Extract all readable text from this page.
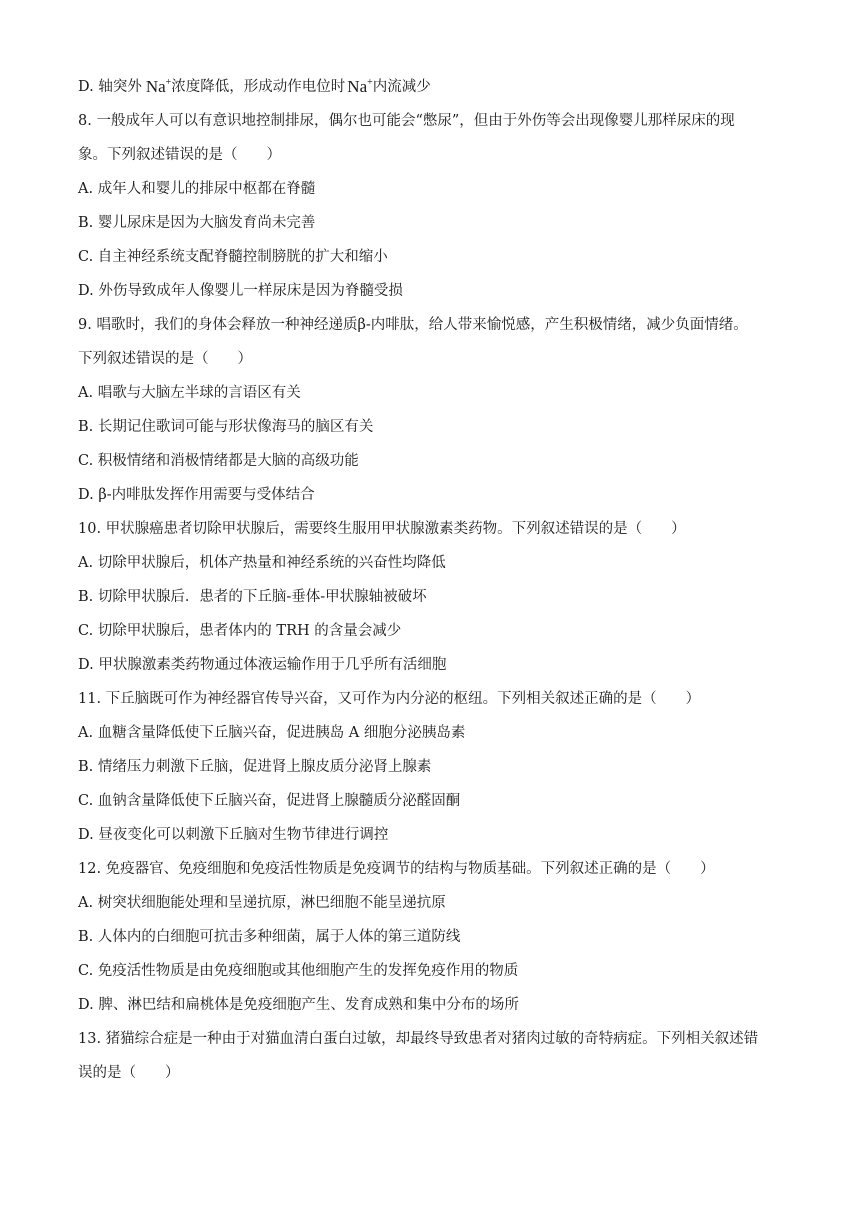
D. 轴突外 Na+ 浓度降低，形成动作电位时 Na+ 内流减少

8. 一般成年人可以有意识地控制排尿，偶尔也可能会“憋尿”，但由于外伤等会出现像婴儿那样尿床的现

象。下列叙述错误的是（　　）

A. 成年人和婴儿的排尿中枢都在脊髓

B. 婴儿尿床是因为大脑发育尚未完善

C. 自主神经系统支配脊髓控制膀胱的扩大和缩小

D. 外伤导致成年人像婴儿一样尿床是因为脊髓受损

9. 唱歌时，我们的身体会释放一种神经递质β-内啡肽，给人带来愉悦感，产生积极情绪，减少负面情绪。

下列叙述错误的是（　　）

A. 唱歌与大脑左半球的言语区有关

B. 长期记住歌词可能与形状像海马的脑区有关

C. 积极情绪和消极情绪都是大脑的高级功能

D. β-内啡肽发挥作用需要与受体结合

10. 甲状腺癌患者切除甲状腺后，需要终生服用甲状腺激素类药物。下列叙述错误的是（　　）

A. 切除甲状腺后，机体产热量和神经系统的兴奋性均降低

B. 切除甲状腺后．患者的下丘脑-垂体-甲状腺轴被破坏

C. 切除甲状腺后，患者体内的 TRH 的含量会减少

D. 甲状腺激素类药物通过体液运输作用于几乎所有活细胞

11. 下丘脑既可作为神经器官传导兴奋，又可作为内分泌的枢纽。下列相关叙述正确的是（　　）

A. 血糖含量降低使下丘脑兴奋，促进胰岛 A 细胞分泌胰岛素

B. 情绪压力刺激下丘脑，促进肾上腺皮质分泌肾上腺素

C. 血钠含量降低使下丘脑兴奋，促进肾上腺髓质分泌醛固酮

D. 昼夜变化可以刺激下丘脑对生物节律进行调控

12. 免疫器官、免疫细胞和免疫活性物质是免疫调节的结构与物质基础。下列叙述正确的是（　　）

A. 树突状细胞能处理和呈递抗原，淋巴细胞不能呈递抗原

B. 人体内的白细胞可抗击多种细菌，属于人体的第三道防线

C. 免疫活性物质是由免疫细胞或其他细胞产生的发挥免疫作用的物质

D. 脾、淋巴结和扁桃体是免疫细胞产生、发育成熟和集中分布的场所

13. 猪猫综合症是一种由于对猫血清白蛋白过敏，却最终导致患者对猪肉过敏的奇特病症。下列相关叙述错

误的是（　　）
